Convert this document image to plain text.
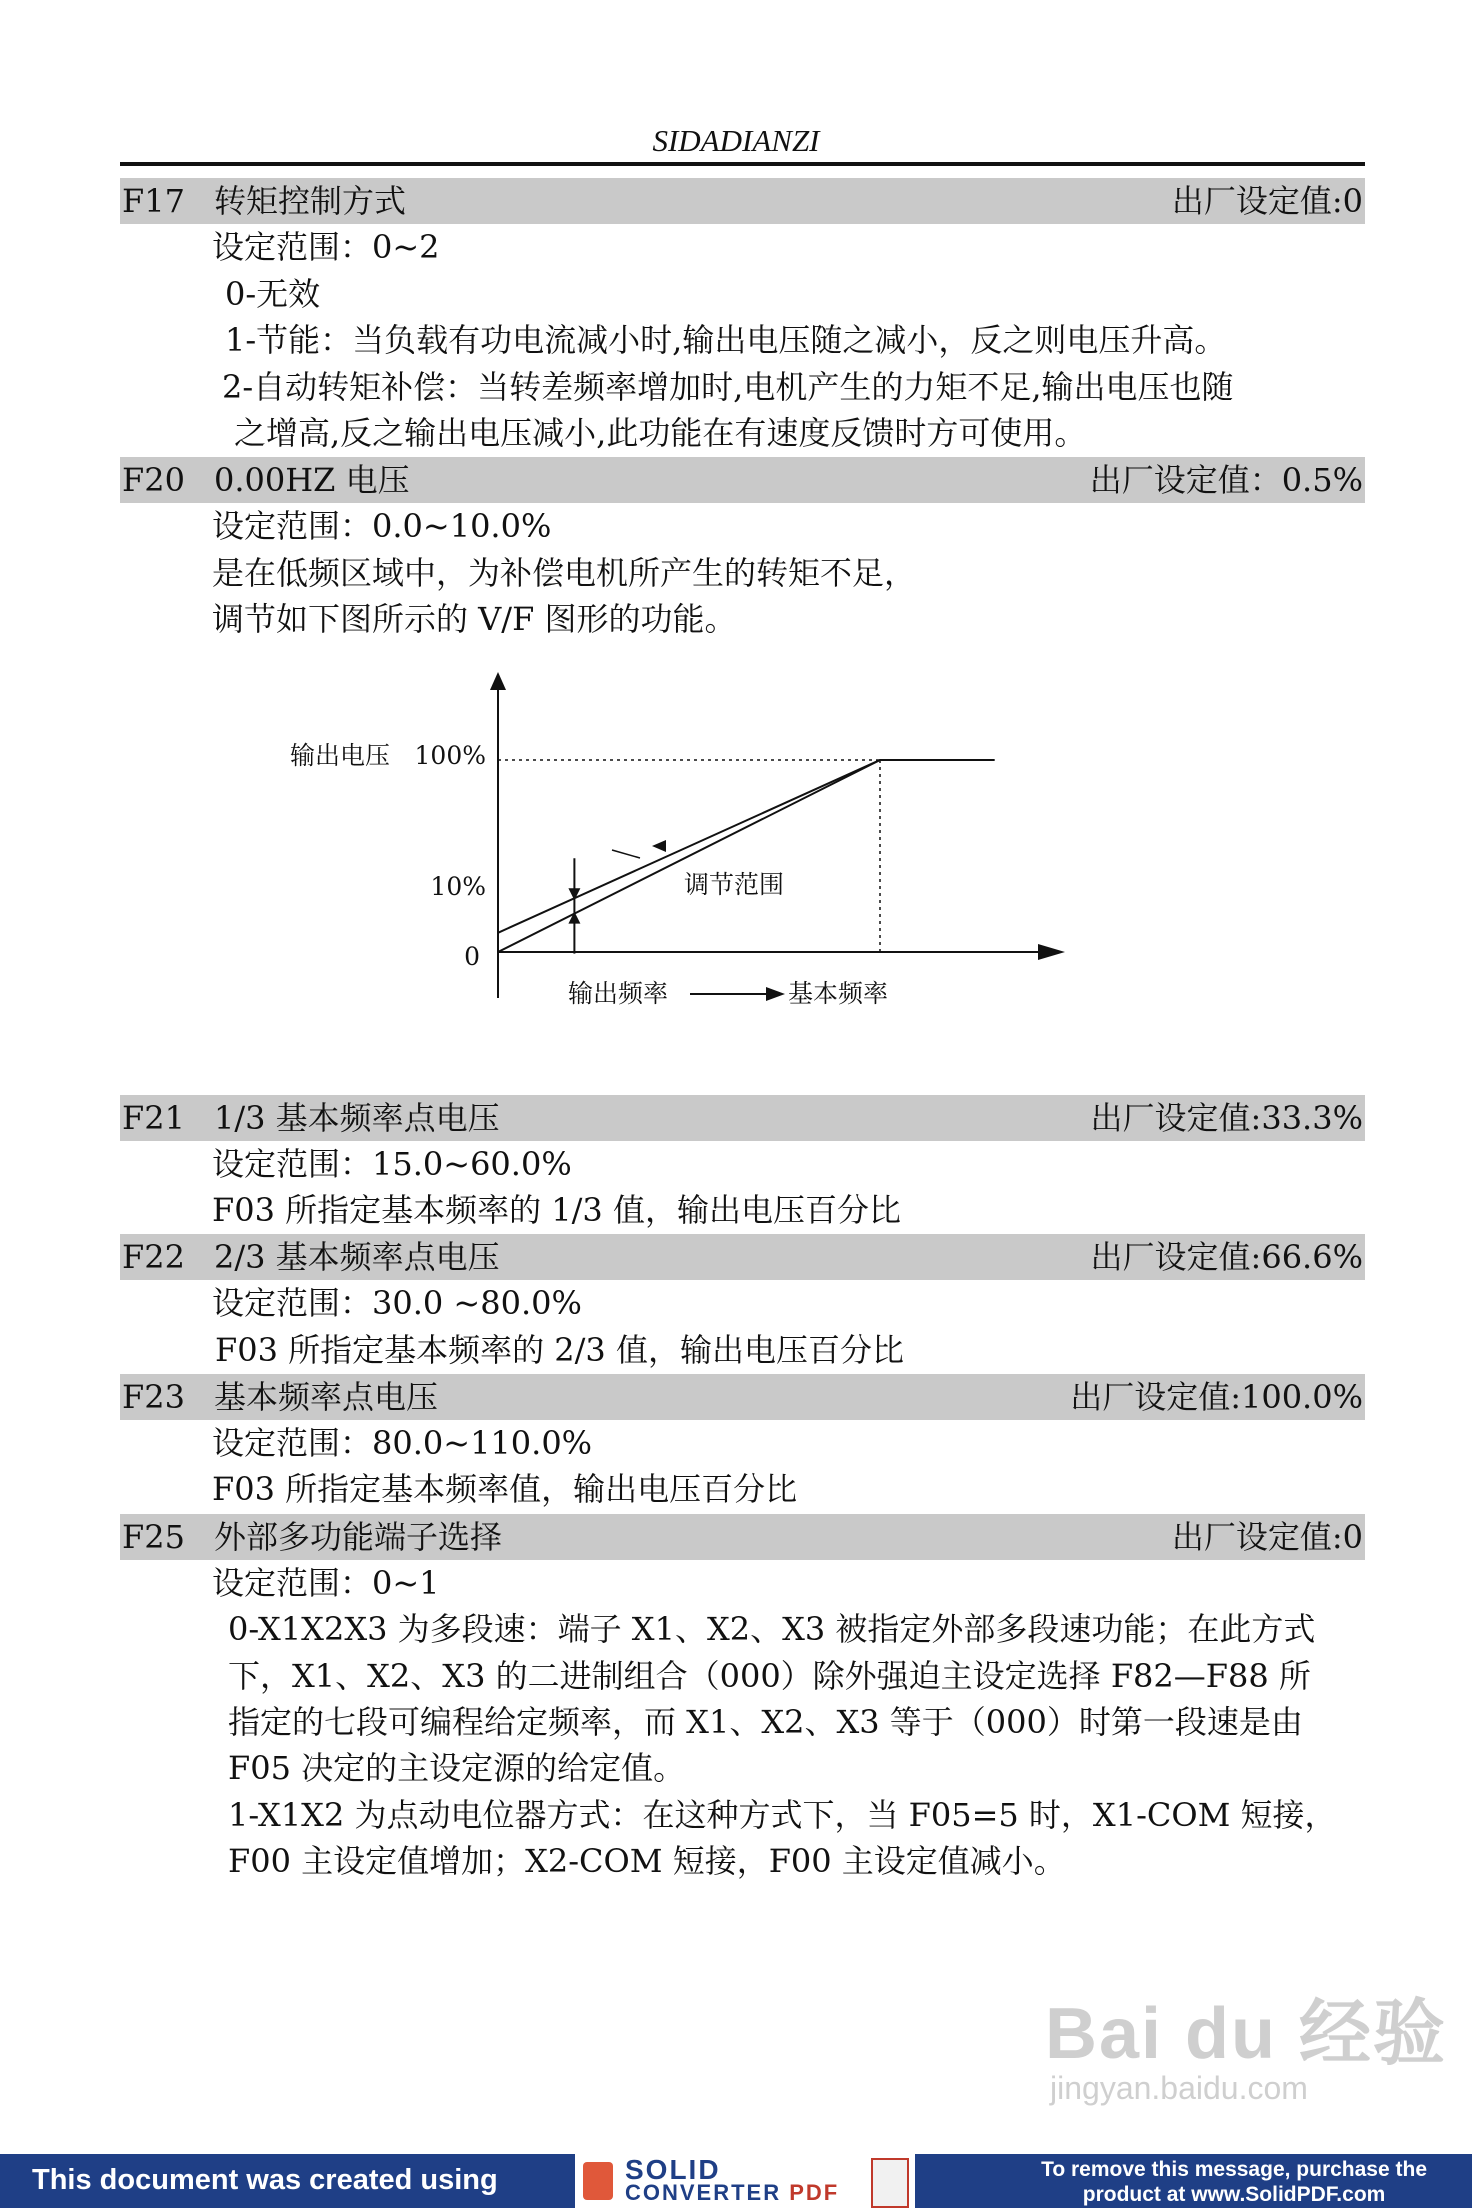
SIDADIANZI
F17 转矩控制方式	出厂设定值:0
设定范围：0~2
0-无效
1-节能：当负载有功电流减小时,输出电压随之减小，反之则电压升高。
2-自动转矩补偿：当转差频率增加时,电机产生的力矩不足,输出电压也随
之增高,反之输出电压减小,此功能在有速度反馈时方可使用。
F20 0.00HZ 电压	出厂设定值：0.5%
设定范围：0.0~10.0%
是在低频区域中，为补偿电机所产生的转矩不足，
调节如下图所示的 V/F 图形的功能。
输出电压 100%
10%
0
调节范围
输出频率	基本频率
F21 1/3 基本频率点电压	出厂设定值:33.3%
设定范围：15.0~60.0%
F03 所指定基本频率的 1/3 值，输出电压百分比
F22 2/3 基本频率点电压	出厂设定值:66.6%
设定范围：30.0 ~80.0%
F03 所指定基本频率的 2/3 值，输出电压百分比
F23 基本频率点电压	出厂设定值:100.0%
设定范围：80.0~110.0%
F03 所指定基本频率值，输出电压百分比
F25 外部多功能端子选择	出厂设定值:0
设定范围：0~1
0-X1X2X3 为多段速：端子 X1、X2、X3 被指定外部多段速功能；在此方式
下，X1、X2、X3 的二进制组合（000）除外强迫主设定选择 F82—F88 所
指定的七段可编程给定频率，而 X1、X2、X3 等于（000）时第一段速是由
F05 决定的主设定源的给定值。
1-X1X2 为点动电位器方式：在这种方式下，当 F05=5 时，X1-COM 短接，
F00 主设定值增加；X2-COM 短接，F00 主设定值减小。
Bai du 经验
jingyan.baidu.com
This document was created using	SOLID
CONVERTER PDF
To remove this message, purchase the
product at www.SolidPDF.com
